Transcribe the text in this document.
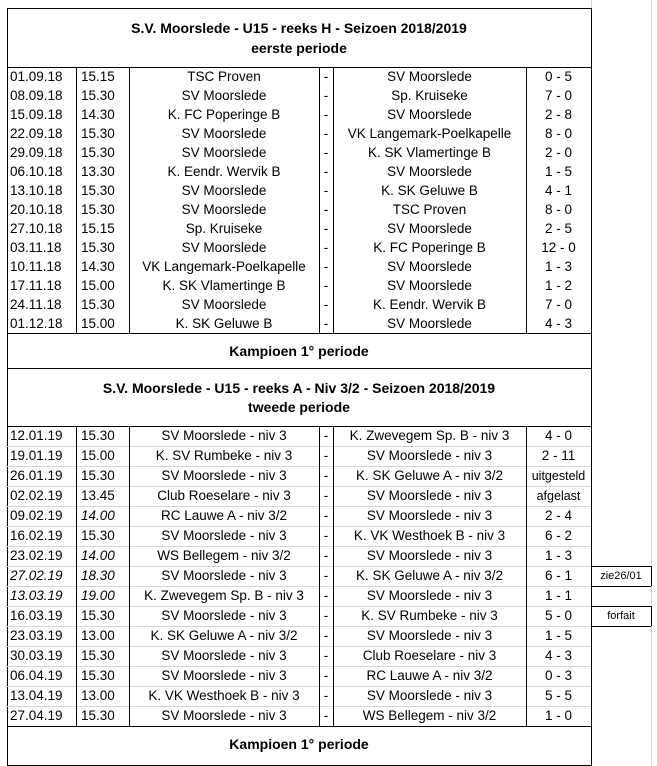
S.V. Moorslede - U15 - reeks H - Seizoen 2018/2019
eerste periode
01.09.18	15.15	TSC Proven	-	SV Moorslede	0 - 5
08.09.18	15.30	SV Moorslede	-	Sp. Kruiseke	7 - 0
15.09.18	14.30	K. FC Poperinge B	-	SV Moorslede	2 - 8
22.09.18	15.30	SV Moorslede	-	VK Langemark-Poelkapelle	8 - 0
29.09.18	15.30	SV Moorslede	-	K. SK Vlamertinge B	2 - 0
06.10.18	13.30	K. Eendr. Wervik B	-	SV Moorslede	1 - 5
13.10.18	15.30	SV Moorslede	-	K. SK Geluwe B	4 - 1
20.10.18	15.30	SV Moorslede	-	TSC Proven	8 - 0
27.10.18	15.15	Sp. Kruiseke	-	SV Moorslede	2 - 5
03.11.18	15.30	SV Moorslede	-	K. FC Poperinge B	12 - 0
10.11.18	14.30	VK Langemark-Poelkapelle	-	SV Moorslede	1 - 3
17.11.18	15.00	K. SK Vlamertinge B	-	SV Moorslede	1 - 2
24.11.18	15.30	SV Moorslede	-	K. Eendr. Wervik B	7 - 0
01.12.18	15.00	K. SK Geluwe B	-	SV Moorslede	4 - 3
Kampioen 1° periode
S.V. Moorslede - U15 - reeks A - Niv 3/2 - Seizoen 2018/2019
tweede periode
12.01.19	15.30	SV Moorslede - niv 3	-	K. Zwevegem Sp. B - niv 3	4 - 0
19.01.19	15.00	K. SV Rumbeke - niv 3	-	SV Moorslede - niv 3	2 - 11
26.01.19	15.30	SV Moorslede - niv 3	-	K. SK Geluwe A - niv 3/2	uitgesteld
02.02.19	13.45	Club Roeselare - niv 3	-	SV Moorslede - niv 3	afgelast
09.02.19	14.00	RC Lauwe A - niv 3/2	-	SV Moorslede - niv 3	2 - 4
16.02.19	15.30	SV Moorslede - niv 3	-	K. VK Westhoek B - niv 3	6 - 2
23.02.19	14.00	WS Bellegem - niv 3/2	-	SV Moorslede - niv 3	1 - 3
27.02.19	18.30	SV Moorslede - niv 3	-	K. SK Geluwe A - niv 3/2	6 - 1	zie26/01
13.03.19	19.00	K. Zwevegem Sp. B - niv 3	-	SV Moorslede - niv 3	1 - 1
16.03.19	15.30	SV Moorslede - niv 3	-	K. SV Rumbeke - niv 3	5 - 0	forfait
23.03.19	13.00	K. SK Geluwe A - niv 3/2	-	SV Moorslede - niv 3	1 - 5
30.03.19	15.30	SV Moorslede - niv 3	-	Club Roeselare - niv 3	4 - 3
06.04.19	15.30	SV Moorslede - niv 3	-	RC Lauwe A - niv 3/2	0 - 3
13.04.19	13.00	K. VK Westhoek B - niv 3	-	SV Moorslede - niv 3	5 - 5
27.04.19	15.30	SV Moorslede - niv 3	-	WS Bellegem - niv 3/2	1 - 0
Kampioen 1° periode
